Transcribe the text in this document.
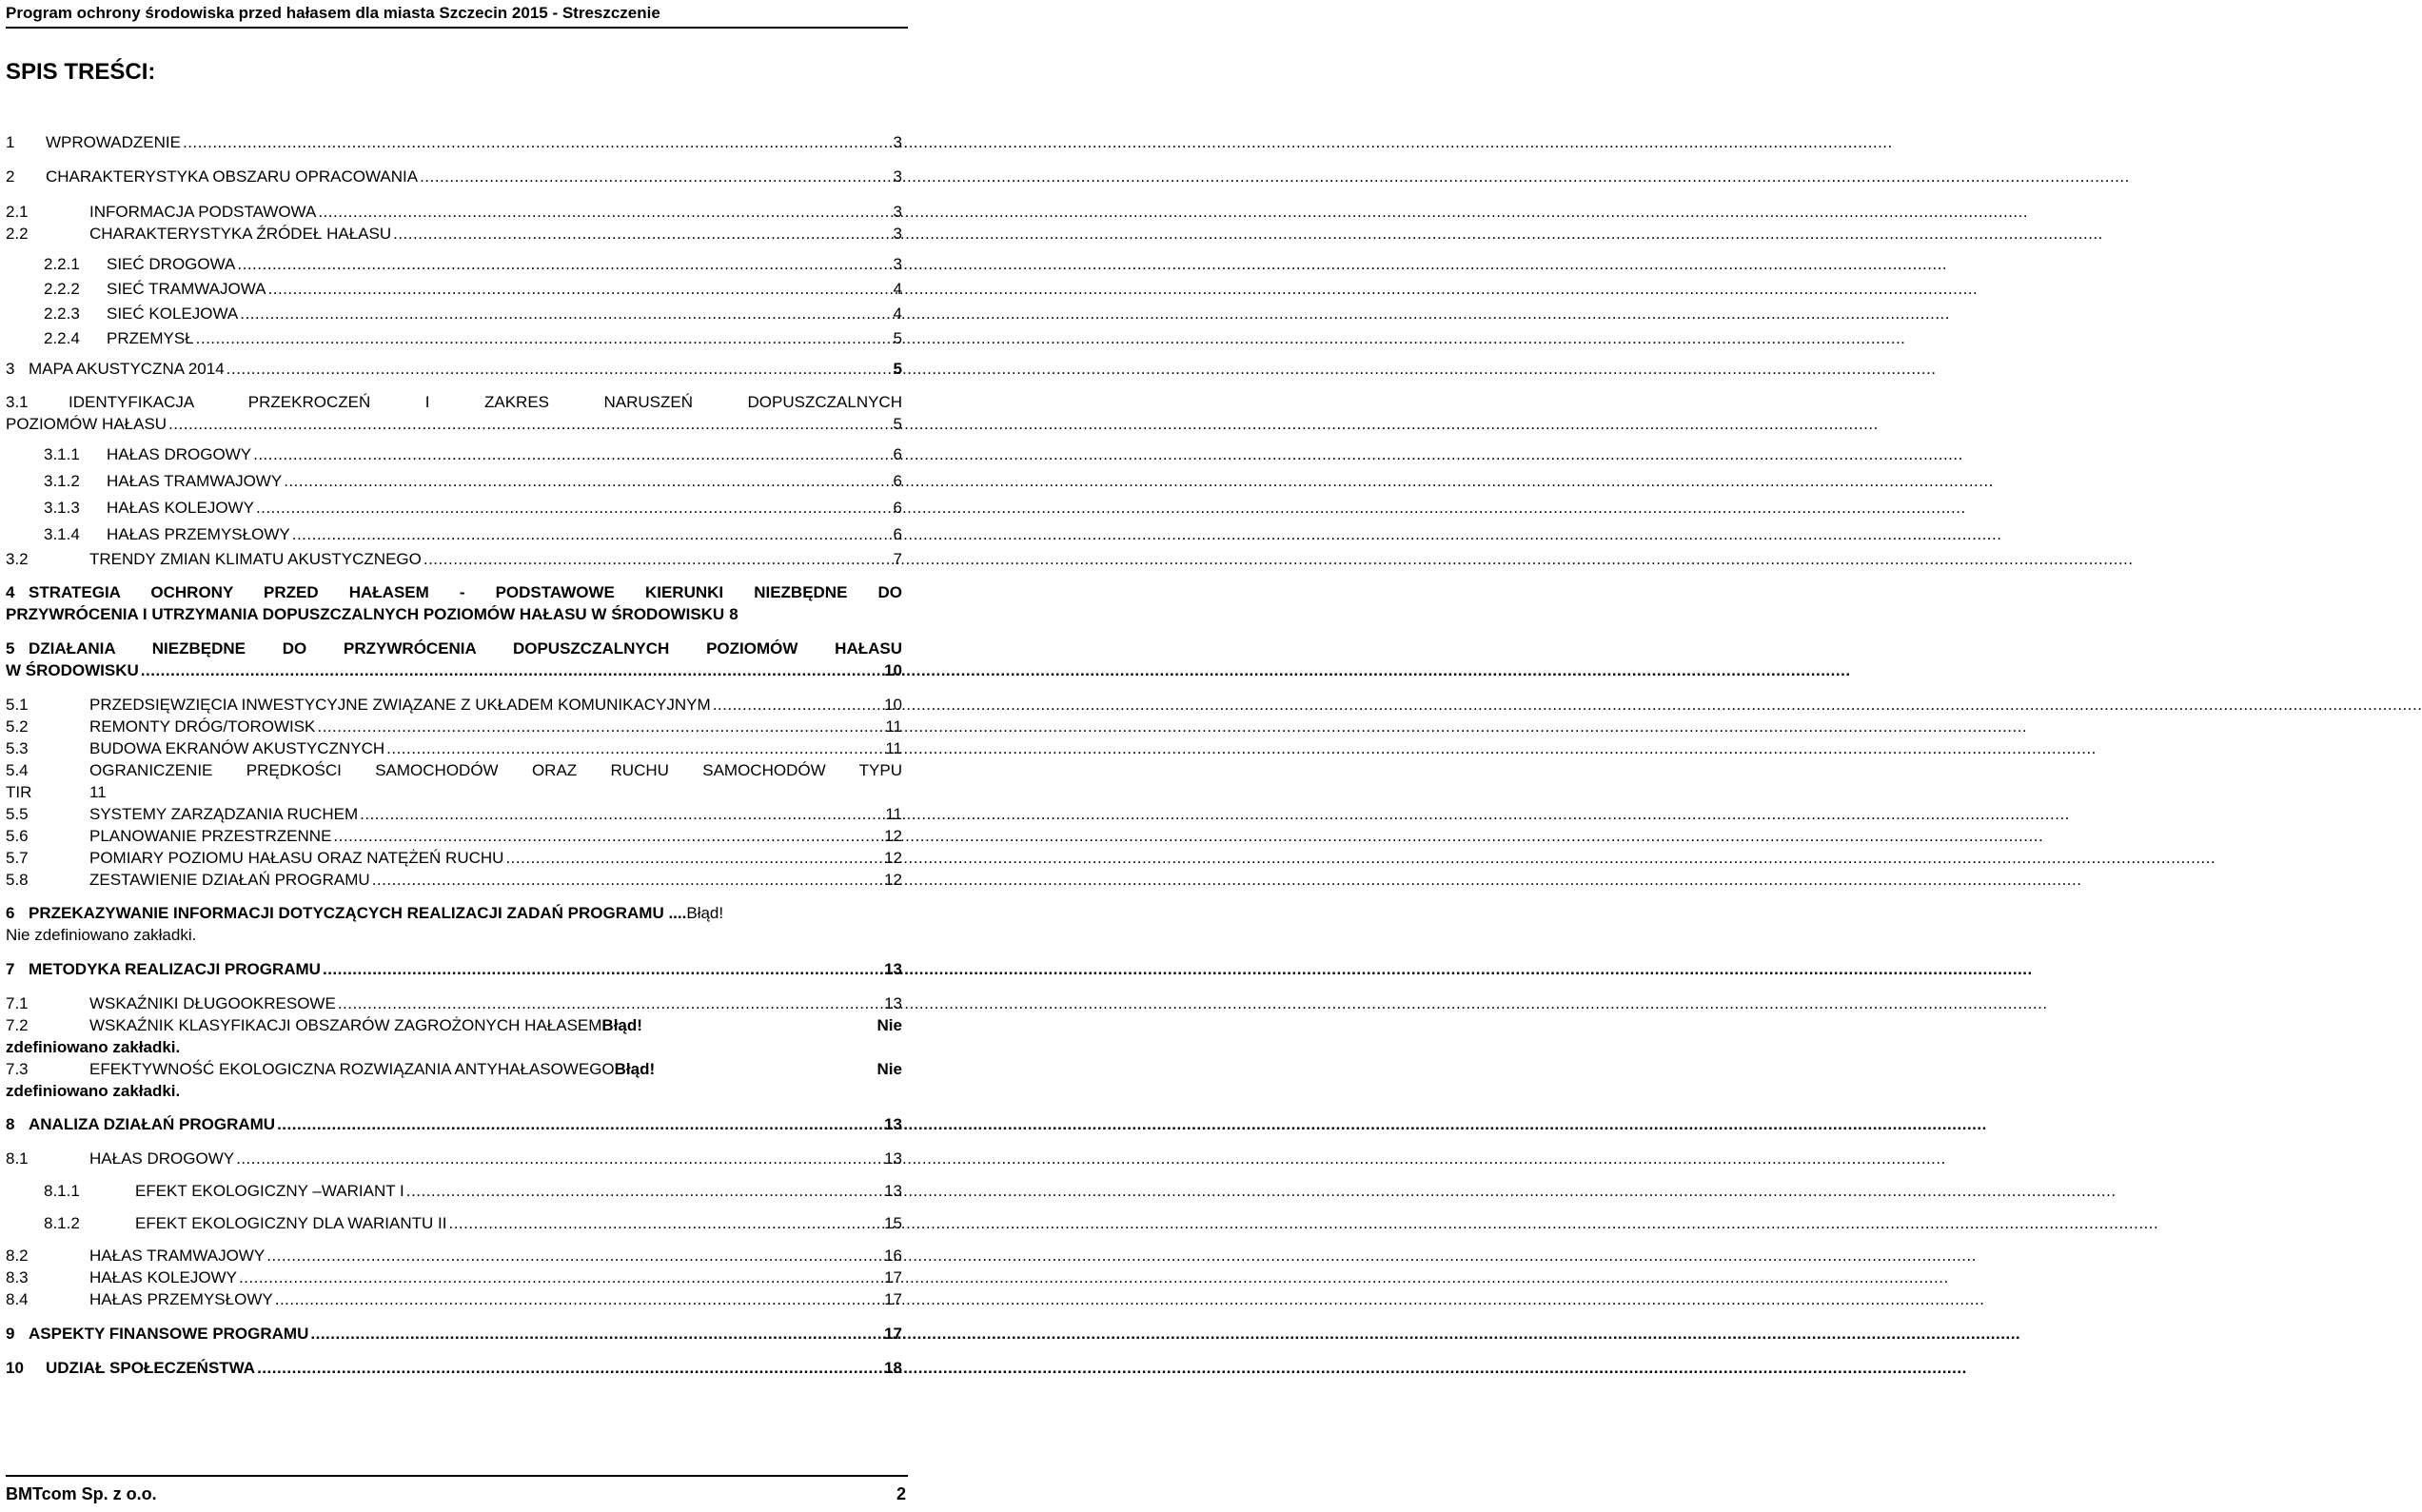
Program ochrony środowiska przed hałasem dla miasta Szczecin 2015 - Streszczenie
SPIS TREŚCI:
1	WPROWADZENIE .....	3
2	CHARAKTERYSTYKA OBSZARU OPRACOWANIA .....	3
2.1	INFORMACJA PODSTAWOWA .....	3
2.2	CHARAKTERYSTYKA ŹRÓDEŁ HAŁASU .....	3
2.2.1	SIEĆ DROGOWA .....	3
2.2.2	SIEĆ TRAMWAJOWA .....	4
2.2.3	SIEĆ KOLEJOWA .....	4
2.2.4	PRZEMYSŁ .....	5
3 MAPA AKUSTYCZNA 2014 .....	5
3.1	IDENTYFIKACJA PRZEKROCZEŃ I ZAKRES NARUSZEŃ DOPUSZCZALNYCH
POZIOMÓW HAŁASU .....	5
3.1.1	HAŁAS DROGOWY .....	6
3.1.2	HAŁAS TRAMWAJOWY .....	6
3.1.3	HAŁAS KOLEJOWY .....	6
3.1.4	HAŁAS PRZEMYSŁOWY .....	6
3.2	TRENDY ZMIAN KLIMATU AKUSTYCZNEGO .....	7
4 STRATEGIA OCHRONY PRZED HAŁASEM - PODSTAWOWE KIERUNKI NIEZBĘDNE DO
PRZYWRÓCENIA I UTRZYMANIA DOPUSZCZALNYCH POZIOMÓW HAŁASU W ŚRODOWISKU 8
5 DZIAŁANIA NIEZBĘDNE DO PRZYWRÓCENIA DOPUSZCZALNYCH POZIOMÓW HAŁASU
W ŚRODOWISKU .....	10
5.1	PRZEDSIĘWZIĘCIA INWESTYCYJNE ZWIĄZANE Z UKŁADEM KOMUNIKACYJNYM .....	10
5.2	REMONTY DRÓG/TOROWISK .....	11
5.3	BUDOWA EKRANÓW AKUSTYCZNYCH .....	11
5.4	OGRANICZENIE PRĘDKOŚCI SAMOCHODÓW ORAZ RUCHU SAMOCHODÓW TYPU
TIR	11
5.5	SYSTEMY ZARZĄDZANIA RUCHEM .....	11
5.6	PLANOWANIE PRZESTRZENNE .....	12
5.7	POMIARY POZIOMU HAŁASU ORAZ NATĘŻEŃ RUCHU .....	12
5.8	ZESTAWIENIE DZIAŁAŃ PROGRAMU .....	12
6 PRZEKAZYWANIE INFORMACJI DOTYCZĄCYCH REALIZACJI ZADAŃ PROGRAMU ....Błąd!
Nie zdefiniowano zakładki.
7 METODYKA REALIZACJI PROGRAMU .....	13
7.1	WSKAŹNIKI DŁUGOOKRESOWE .....	13
7.2	WSKAŹNIK KLASYFIKACJI OBSZARÓW ZAGROŻONYCH HAŁASEMBłąd!	Nie
zdefiniowano zakładki.
7.3	EFEKTYWNOŚĆ EKOLOGICZNA ROZWIĄZANIA ANTYHAŁASOWEGOBłąd!	Nie
zdefiniowano zakładki.
8 ANALIZA DZIAŁAŃ PROGRAMU .....	13
8.1	HAŁAS DROGOWY .....	13
8.1.1	EFEKT EKOLOGICZNY –WARIANT I .....	13
8.1.2	EFEKT EKOLOGICZNY DLA WARIANTU II .....	15
8.2	HAŁAS TRAMWAJOWY .....	16
8.3	HAŁAS KOLEJOWY .....	17
8.4	HAŁAS PRZEMYSŁOWY .....	17
9 ASPEKTY FINANSOWE PROGRAMU .....	17
10	UDZIAŁ SPOŁECZEŃSTWA .....	18
BMTcom Sp. z o.o.	2
